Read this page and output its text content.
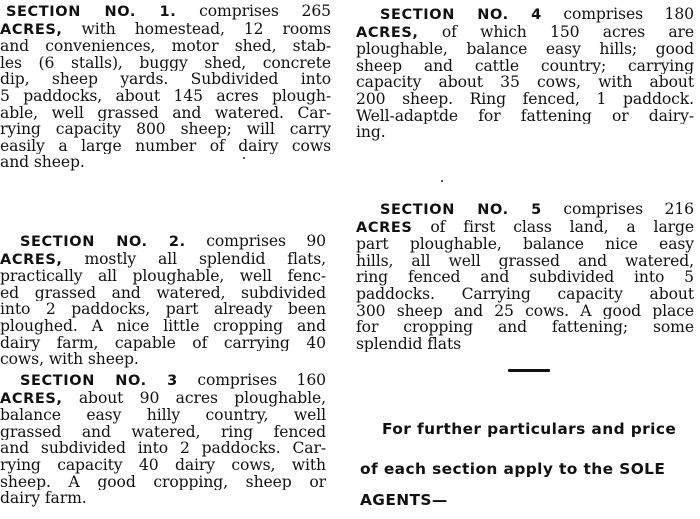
SECTION NO. 1. comprises 265
ACRES, with homestead, 12 rooms
and conveniences, motor shed, stab-
les (6 stalls), buggy shed, concrete
dip, sheep yards. Subdivided into
5 paddocks, about 145 acres plough-
able, well grassed and watered. Car-
rying capacity 800 sheep; will carry
easily a large number of dairy cows
and sheep.
SECTION NO. 2. comprises 90
ACRES, mostly all splendid flats,
practically all ploughable, well fenc-
ed grassed and watered, subdivided
into 2 paddocks, part already been
ploughed. A nice little cropping and
dairy farm, capable of carrying 40
cows, with sheep.
SECTION NO. 3 comprises 160
ACRES, about 90 acres ploughable,
balance easy hilly country, well
grassed and watered, ring fenced
and subdivided into 2 paddocks. Car-
rying capacity 40 dairy cows, with
sheep. A good cropping, sheep or
dairy farm.
SECTION NO. 4 comprises 180
ACRES, of which 150 acres are
ploughable, balance easy hills; good
sheep and cattle country; carrying
capacity about 35 cows, with about
200 sheep. Ring fenced, 1 paddock.
Well-adaptde for fattening or dairy-
ing.
SECTION NO. 5 comprises 216
ACRES of first class land, a large
part ploughable, balance nice easy
hills, all well grassed and watered,
ring fenced and subdivided into 5
paddocks. Carrying capacity about
300 sheep and 25 cows. A good place
for cropping and fattening; some
splendid flats
For further particulars and price
of each section apply to the SOLE
AGENTS—
